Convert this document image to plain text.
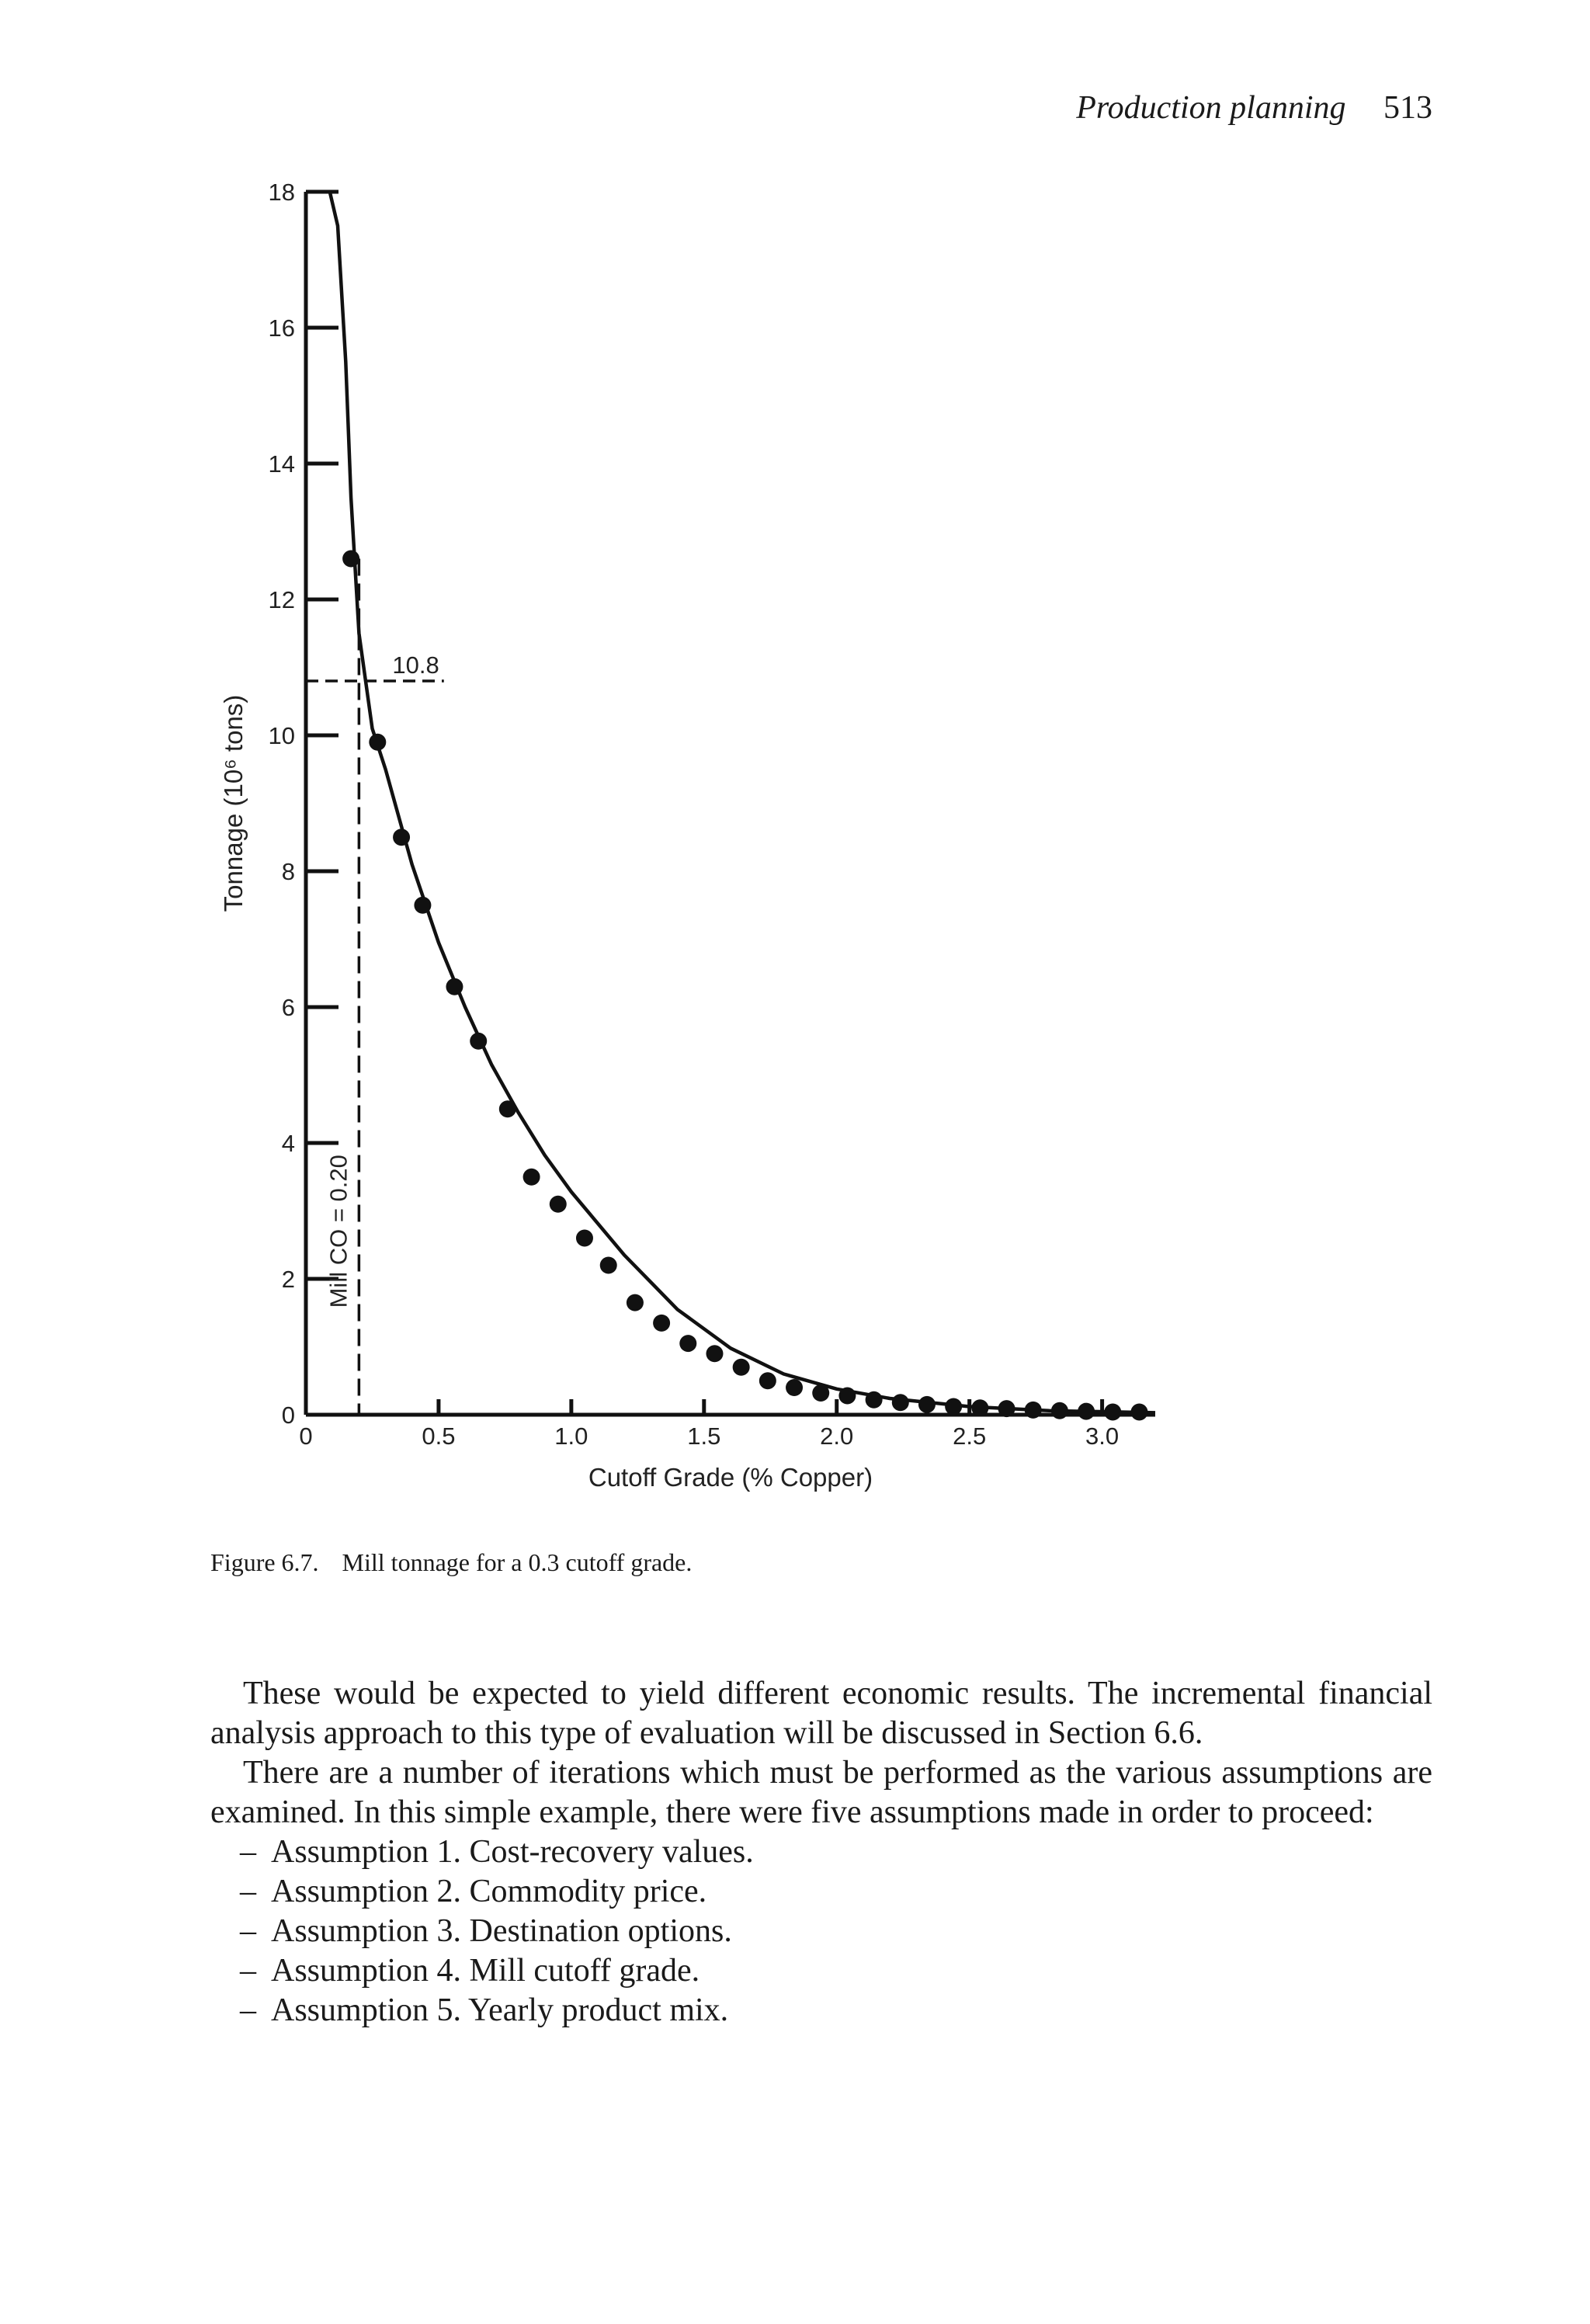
Production planning 513
0
2
4
6
8
10
12
14
16
18
0	0.5	1.0	1.5	2.0	2.5	3.0
10.8
Mill CO = 0.20
Cutoff Grade (% Copper)
Tonnage (10⁶ tons)
Figure 6.7. Mill tonnage for a 0.3 cutoff grade.

These would be expected to yield different economic results. The incremental financial analysis approach to this type of evaluation will be discussed in Section 6.6.

There are a number of iterations which must be performed as the various assumptions are examined. In this simple example, there were five assumptions made in order to proceed:

– Assumption 1. Cost-recovery values.
– Assumption 2. Commodity price.
– Assumption 3. Destination options.
– Assumption 4. Mill cutoff grade.
– Assumption 5. Yearly product mix.
